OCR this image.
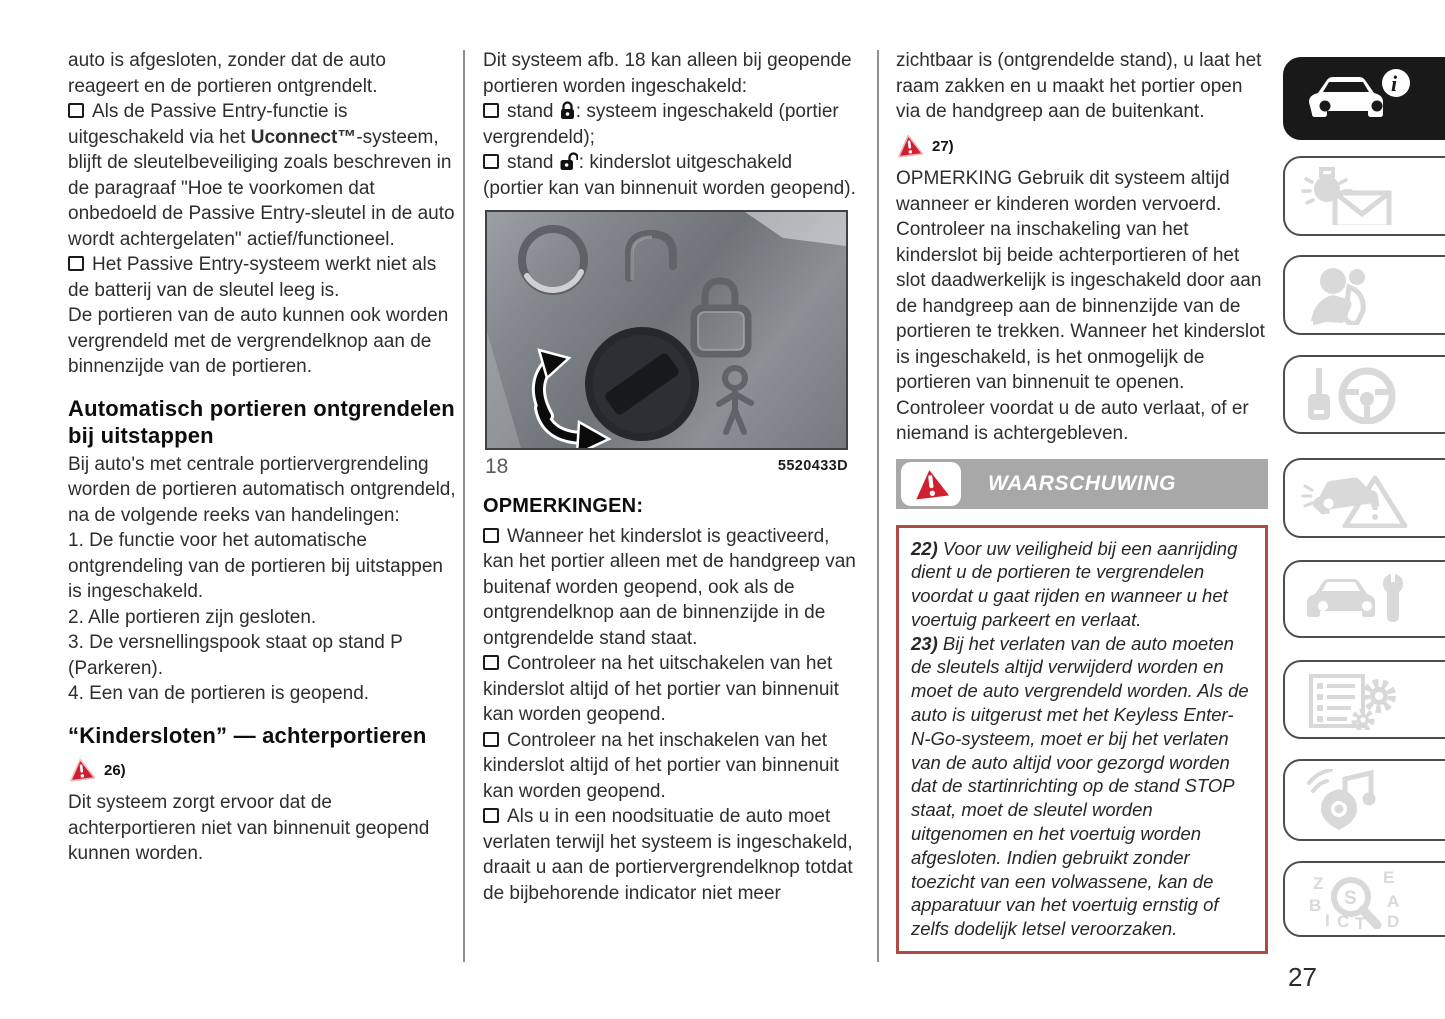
auto is afgesloten, zonder dat de auto reageert en de portieren ontgrendelt.

Als de Passive Entry-functie is uitgeschakeld via het Uconnect™-systeem, blijft de sleutelbeveiliging zoals beschreven in de paragraaf "Hoe te voorkomen dat onbedoeld de Passive Entry-sleutel in de auto wordt achtergelaten" actief/functioneel.

Het Passive Entry-systeem werkt niet als de batterij van de sleutel leeg is.

De portieren van de auto kunnen ook worden vergrendeld met de vergrendelknop aan de binnenzijde van de portieren.

Automatisch portieren ontgrendelen bij uitstappen

Bij auto's met centrale portiervergrendeling worden de portieren automatisch ontgrendeld, na de volgende reeks van handelingen:

1. De functie voor het automatische ontgrendeling van de portieren bij uitstappen is ingeschakeld.

2. Alle portieren zijn gesloten.

3. De versnellingspook staat op stand P (Parkeren).

4. Een van de portieren is geopend.

“Kindersloten” — achterportieren
26)

Dit systeem zorgt ervoor dat de achterportieren niet van binnenuit geopend kunnen worden.

Dit systeem afb. 18 kan alleen bij geopende portieren worden ingeschakeld:

stand : systeem ingeschakeld (portier vergrendeld);

stand : kinderslot uitgeschakeld (portier kan van binnenuit worden geopend).

18	5520433D
OPMERKINGEN:

Wanneer het kinderslot is geactiveerd, kan het portier alleen met de handgreep van buitenaf worden geopend, ook als de ontgrendelknop aan de binnenzijde in de ontgrendelde stand staat.

Controleer na het uitschakelen van het kinderslot altijd of het portier van binnenuit kan worden geopend.

Controleer na het inschakelen van het kinderslot altijd of het portier van binnenuit kan worden geopend.

Als u in een noodsituatie de auto moet verlaten terwijl het systeem is ingeschakeld, draait u aan de portiervergrendelknop totdat de bijbehorende indicator niet meer

zichtbaar is (ontgrendelde stand), u laat het raam zakken en u maakt het portier open via de handgreep aan de buitenkant.

27)

OPMERKING Gebruik dit systeem altijd wanneer er kinderen worden vervoerd. Controleer na inschakeling van het kinderslot bij beide achterportieren of het slot daadwerkelijk is ingeschakeld door aan de handgreep aan de binnenzijde van de portieren te trekken. Wanneer het kinderslot is ingeschakeld, is het onmogelijk de portieren van binnenuit te openen. Controleer voordat u de auto verlaat, of er niemand is achtergebleven.

WAARSCHUWING
22) Voor uw veiligheid bij een aanrijding dient u de portieren te vergrendelen voordat u gaat rijden en wanneer u het voertuig parkeert en verlaat.
23) Bij het verlaten van de auto moeten de sleutels altijd verwijderd worden en moet de auto vergrendeld worden. Als de auto is uitgerust met het Keyless Enter-N-Go-systeem, moet er bij het verlaten van de auto altijd voor gezorgd worden dat de startinrichting op de stand STOP staat, moet de sleutel worden uitgenomen en het voertuig worden afgesloten. Indien gebruikt zonder toezicht van een volwassene, kan de apparatuur van het voertuig ernstig of zelfs dodelijk letsel veroorzaken.
i
Z	E
B	A
I C T D
S
27
